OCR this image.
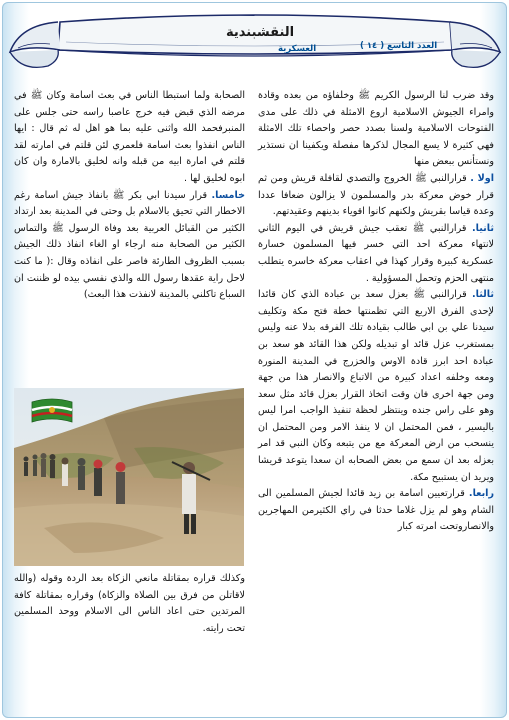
النقشبندية
العسكرية	العدد التاسع ( ١٤ )

وقد ضرب لنا الرسول الكريم ﷺ وخلفاؤه من بعده وقادة وامراء الجيوش الاسلامية اروع الامثلة في ذلك على مدى الفتوحات الاسلامية ولسنا بصدد حصر واحصاء تلك الامثلة فهي كثيرة لا يسع المجال لذكرها مفصلة ويكفينا ان نستذير ونستأنس ببعض منها

اولا . قرارالنبي ﷺ الخروج والتصدي لقافلة قريش ومن ثم قرار خوض معركة بدر والمسلمون لا يزالون ضعافا عددا وعدة قياسا بقريش ولكنهم كانوا اقوياء بدينهم وعقيدتهم.

ثانيا. قرارالنبي ﷺ تعقب جيش قريش في اليوم الثاني لانتهاء معركة احد التي خسر فيها المسلمون خسارة عسكرية كبيرة وقرار كهذا في اعقاب معركة خاسره يتطلب منتهى الحزم وتحمل المسؤولية .

ثالثا. قرارالنبي ﷺ بعزل سعد بن عبادة الذي كان قائدا لإحدى الفرق الاربع التي تظمنتها خطة فتح مكة وتكليف سيدنا علي بن ابي طالب بقيادة تلك الفرقه بدلا عنه وليس بمستغرب عزل قائد او تبديله ولكن هذا القائد هو سعد بن عبادة احد ابرز قادة الاوس والخزرج في المدينة المنورة ومعه وخلفه اعداد كبيرة من الاتباع والانصار هذا من جهة ومن جهة اخرى فان وقت اتخاذ القرار بعزل قائد مثل سعد وهو على راس جنده وينتظر لحظة تنفيذ الواجب امرا ليس باليسير ، فمن المحتمل ان لا ينفذ الامر ومن المحتمل ان ينسحب من ارض المعركة مع من يتبعه وكان النبي قد امر بعزله بعد ان سمع من بعض الصحابه ان سعدا يتوعد قريشا ويريد ان يستبيح مكة.

رابعا. قرارتعيين اسامة بن زيد قائدا لجيش المسلمين الى الشام وهو لم يزل غلاما حدثا في راي الكثيرمن المهاجرين والانصاروتحت امرته كبار

الصحابة ولما استبطا الناس في بعث اسامة وكان ﷺ في مرضه الذي قبض فيه خرج عاصبا راسه حتى جلس على المنبرفحمد الله واثنى عليه بما هو اهل له ثم قال : ايها الناس انفذوا بعث اسامة فلعمري لئن قلتم في امارته لقد قلتم في امارة ابيه من قبله وانه لخليق بالامارة وان كان ابوه لخليق لها .

خامسا. قرار سيدنا ابي بكر ﷺ بانفاذ جيش اسامة رغم الاخطار التي تحيق بالاسلام بل وحتى في المدينة بعد ارتداد الكثير من القبائل العربية بعد وفاة الرسول ﷺ والتماس الكثير من الصحابة منه ارجاء او الغاء انفاذ ذلك الجيش بسبب الظروف الطارئة فاصر على انفاذه وقال :( ما كنت لاحل راية عقدها رسول الله والذي نفسي بيده لو ظننت ان السباع تاكلني بالمدينة لانفذت هذا البعث)

وكذلك قراره بمقاتلة مانعي الزكاة بعد الردة وقوله (والله لاقاتلن من فرق بين الصلاة والزكاة) وقراره بمقاتلة كافة المرتدين حتى اعاد الناس الى الاسلام ووحد المسلمين تحت رايته.
